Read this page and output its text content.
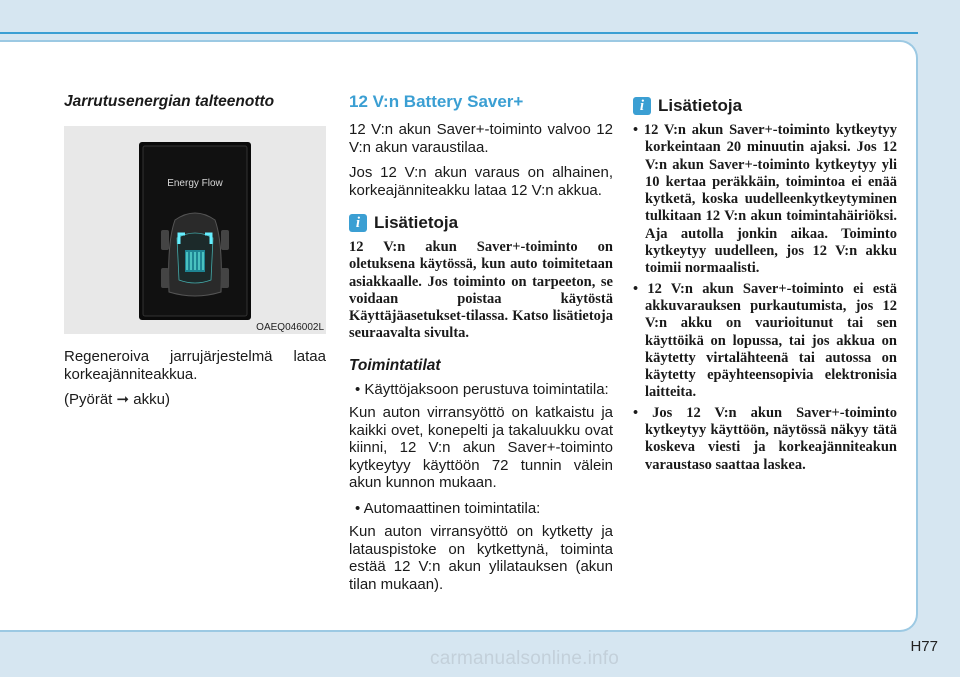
Jarrutusenergian talteenotto
Energy Flow
OAEQ046002L

Regeneroiva jarrujärjestelmä lataa korkeajänniteakkua.

(Pyörät ➞ akku)

12 V:n Battery Saver+

12 V:n akun Saver+-toiminto valvoo 12 V:n akun varaustilaa.

Jos 12 V:n akun varaus on alhainen, korkeajänniteakku lataa 12 V:n akkua.

i Lisätietoja

12 V:n akun Saver+-toiminto on oletuksena käytössä, kun auto toimitetaan asiakkaalle. Jos toiminto on tarpeeton, se voidaan poistaa käytöstä Käyttäjäasetukset-tilassa. Katso lisätietoja seuraavalta sivulta.

Toimintatilat
• Käyttöjaksoon perustuva toimintatila:

Kun auton virransyöttö on katkaistu ja kaikki ovet, konepelti ja takaluukku ovat kiinni, 12 V:n akun Saver+-toiminto kytkeytyy käyttöön 72 tunnin välein akun kunnon mukaan.

• Automaattinen toimintatila:

Kun auton virransyöttö on kytketty ja latauspistoke on kytkettynä, toiminta estää 12 V:n akun ylilatauksen (akun tilan mukaan).

i Lisätietoja
• 12 V:n akun Saver+-toiminto kytkeytyy korkeintaan 20 minuutin ajaksi. Jos 12 V:n akun Saver+-toiminto kytkeytyy yli 10 kertaa peräkkäin, toimintoa ei enää kytketä, koska uudelleenkytkeytyminen tulkitaan 12 V:n akun toimintahäiriöksi. Aja autolla jonkin aikaa. Toiminto kytkeytyy uudelleen, jos 12 V:n akku toimii normaalisti.
• 12 V:n akun Saver+-toiminto ei estä akkuvarauksen purkautumista, jos 12 V:n akku on vaurioitunut tai sen käyttöikä on lopussa, tai jos akkua on käytetty virtalähteenä tai autossa on käytetty epäyhteensopivia elektronisia laitteita.
• Jos 12 V:n akun Saver+-toiminto kytkeytyy käyttöön, näytössä näkyy tätä koskeva viesti ja korkeajänniteakun varaustaso saattaa laskea.
H77
carmanualsonline.info
